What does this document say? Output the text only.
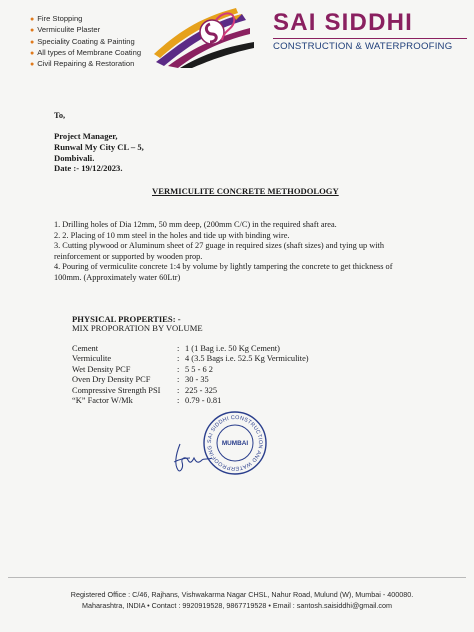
● Fire Stopping
● Vermiculite Plaster
● Speciality Coating & Painting
● All types of Membrane Coating
● Civil Repairing & Restoration
SAI SIDDHI
CONSTRUCTION & WATERPROOFING
To,
Project Manager,
Runwal My City CL – 5,
Dombivali.
Date :- 19/12/2023.
VERMICULITE CONCRETE METHODOLOGY
1. Drilling holes of Dia 12mm, 50 mm deep, (200mm C/C) in the required shaft area.
2. 2. Placing of 10 mm steel in the holes and tide up with binding wire.
3. Cutting plywood or Aluminum sheet of 27 guage in required sizes (shaft sizes) and tying up with
reinforcement or supported by wooden prop.
4. Pouring of vermiculite concrete 1:4 by volume by lightly tampering the concrete to get thickness of
100mm. (Approximately water 60Ltr)
PHYSICAL PROPERTIES: -
MIX PROPORATION BY VOLUME
Cement	: 1 (1 Bag i.e. 50 Kg Cement)
Vermiculite	: 4 (3.5 Bags i.e. 52.5 Kg Vermiculite)
Wet Density PCF	: 5 5 - 6 2
Oven Dry Density PCF	: 30 - 35
Compressive Strength PSI	: 225 - 325
“K” Factor W/Mk	: 0.79 - 0.81
SAI SIDDHI CONSTRUCTION AND WATERPROOFING
MUMBAI
Registered Office : C/46, Rajhans, Vishwakarma Nagar CHSL, Nahur Road, Mulund (W), Mumbai - 400080.
Maharashtra, INDIA • Contact : 9920919528, 9867719528 • Email : santosh.saisiddhi@gmail.com
